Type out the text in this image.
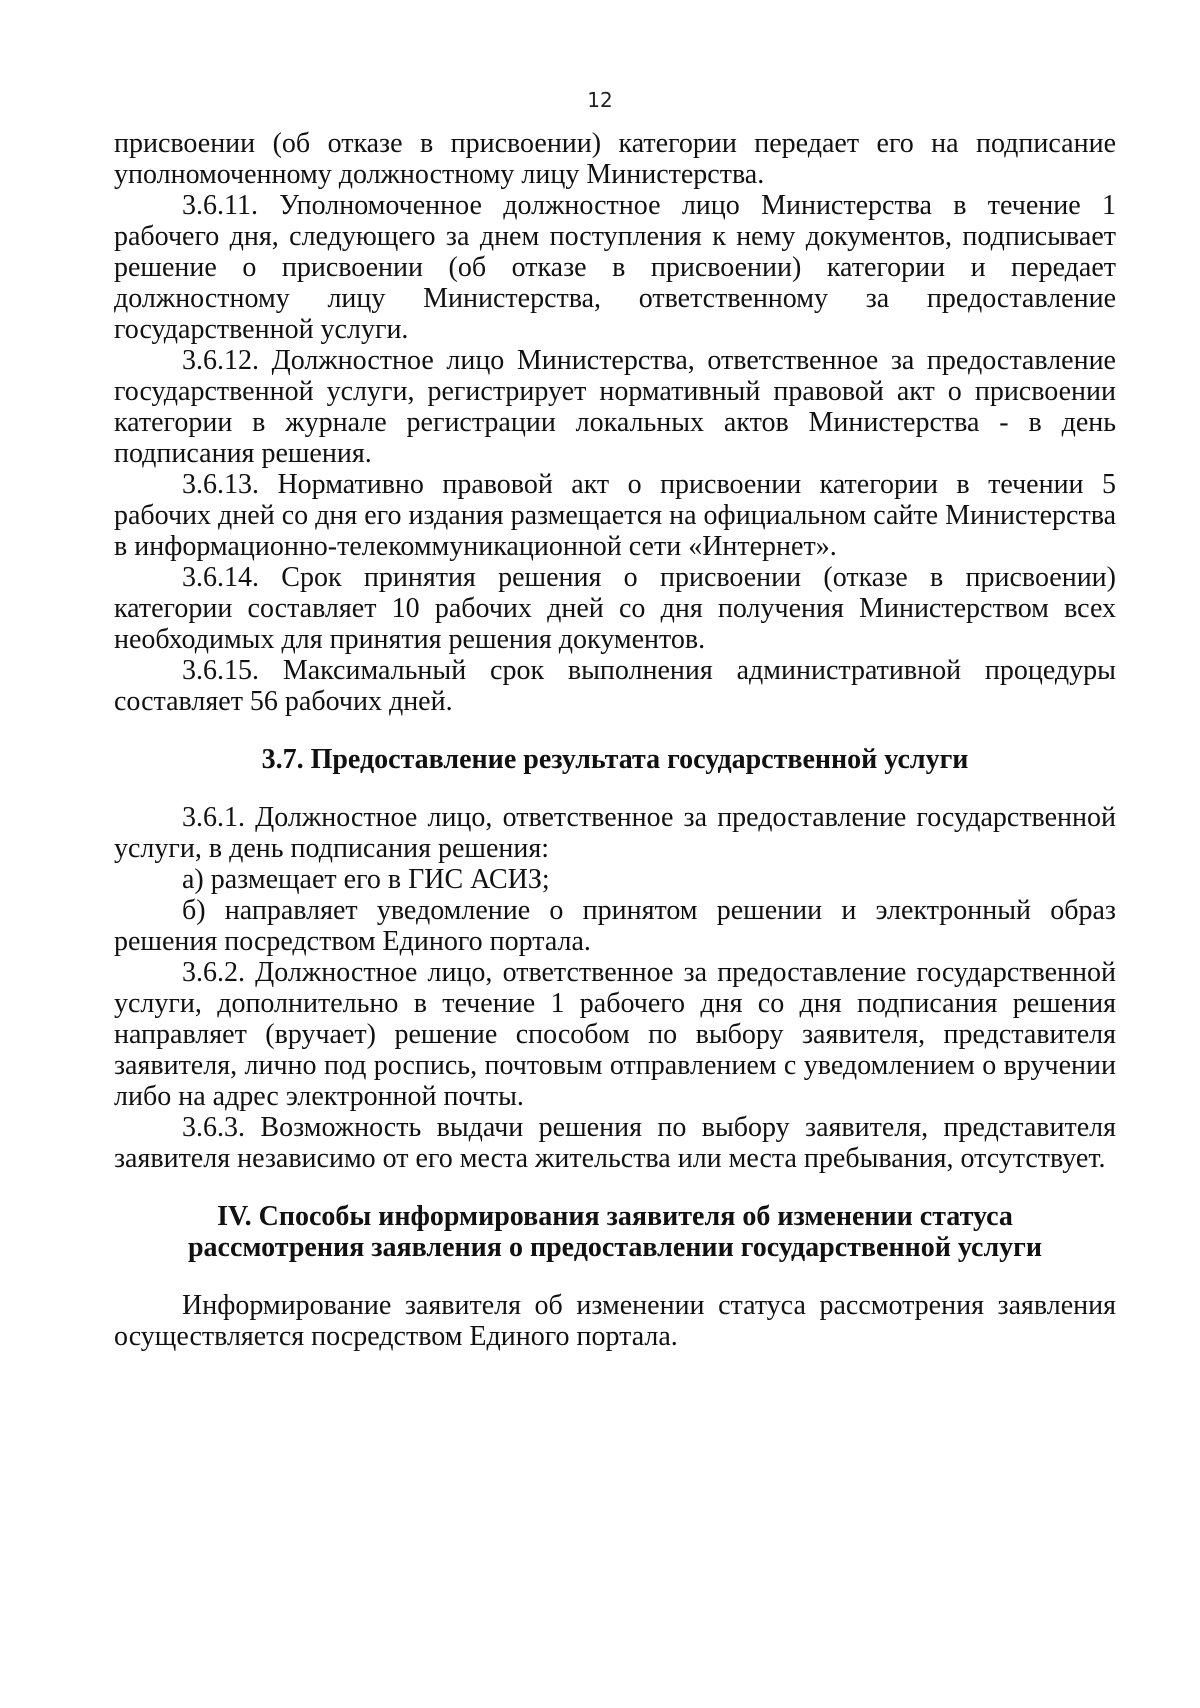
12

присвоении (об отказе в присвоении) категории передает его на подписание уполномоченному должностному лицу Министерства.

3.6.11. Уполномоченное должностное лицо Министерства в течение 1 рабочего дня, следующего за днем поступления к нему документов, подписывает решение о присвоении (об отказе в присвоении) категории и передает должностному лицу Министерства, ответственному за предоставление государственной услуги.

3.6.12. Должностное лицо Министерства, ответственное за предоставление государственной услуги, регистрирует нормативный правовой акт о присвоении категории в журнале регистрации локальных актов Министерства - в день подписания решения.

3.6.13. Нормативно правовой акт о присвоении категории в течении 5 рабочих дней со дня его издания размещается на официальном сайте Министерства в информационно-телекоммуникационной сети «Интернет».

3.6.14. Срок принятия решения о присвоении (отказе в присвоении) категории составляет 10 рабочих дней со дня получения Министерством всех необходимых для принятия решения документов.

3.6.15. Максимальный срок выполнения административной процедуры составляет 56 рабочих дней.

3.7. Предоставление результата государственной услуги

3.6.1. Должностное лицо, ответственное за предоставление государственной услуги, в день подписания решения:

а) размещает его в ГИС АСИЗ;

б) направляет уведомление о принятом решении и электронный образ решения посредством Единого портала.

3.6.2. Должностное лицо, ответственное за предоставление государственной услуги, дополнительно в течение 1 рабочего дня со дня подписания решения направляет (вручает) решение способом по выбору заявителя, представителя заявителя, лично под роспись, почтовым отправлением с уведомлением о вручении либо на адрес электронной почты.

3.6.3. Возможность выдачи решения по выбору заявителя, представителя заявителя независимо от его места жительства или места пребывания, отсутствует.

IV. Способы информирования заявителя об изменении статуса
рассмотрения заявления о предоставлении государственной услуги

Информирование заявителя об изменении статуса рассмотрения заявления осуществляется посредством Единого портала.
